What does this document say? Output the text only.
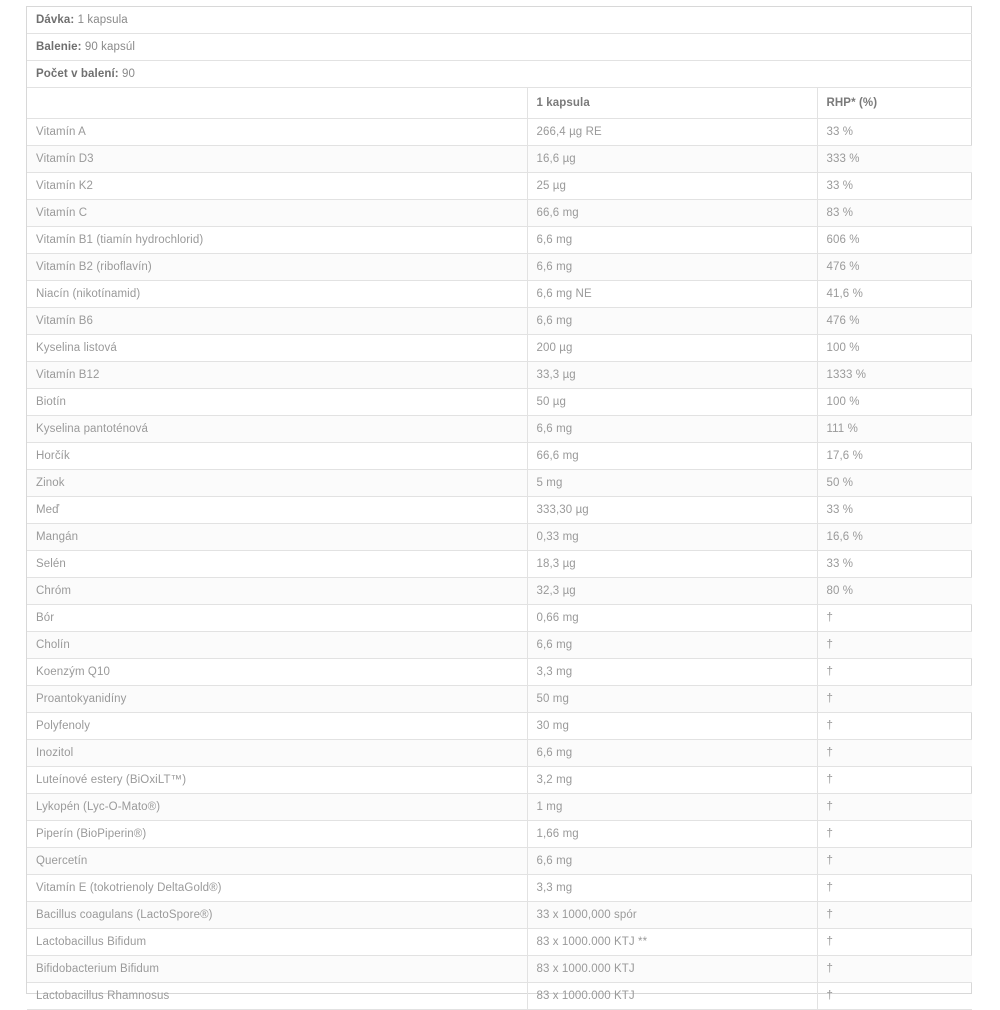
Dávka: 1 kapsula		
Balenie: 90 kapsúl		
Počet v balení: 90		
	1 kapsula	RHP* (%)
Vitamín A	266,4 µg RE	33 %
Vitamín D3	16,6 µg	333 %
Vitamín K2	25 µg	33 %
Vitamín C	66,6 mg	83 %
Vitamín B1 (tiamín hydrochlorid)	6,6 mg	606 %
Vitamín B2 (riboflavín)	6,6 mg	476 %
Niacín (nikotínamid)	6,6 mg NE	41,6 %
Vitamín B6	6,6 mg	476 %
Kyselina listová	200 µg	100 %
Vitamín B12	33,3 µg	1333 %
Biotín	50 µg	100 %
Kyselina pantoténová	6,6 mg	111 %
Horčík	66,6 mg	17,6 %
Zinok	5 mg	50 %
Meď	333,30 µg	33 %
Mangán	0,33 mg	16,6 %
Selén	18,3 µg	33 %
Chróm	32,3 µg	80 %
Bór	0,66 mg	†
Cholín	6,6 mg	†
Koenzým Q10	3,3 mg	†
Proantokyanidíny	50 mg	†
Polyfenoly	30 mg	†
Inozitol	6,6 mg	†
Luteínové estery (BiOxiLT™)	3,2 mg	†
Lykopén (Lyc-O-Mato®)	1 mg	†
Piperín (BioPiperin®)	1,66 mg	†
Quercetín	6,6 mg	†
Vitamín E (tokotrienoly DeltaGold®)	3,3 mg	†
Bacillus coagulans (LactoSpore®)	33 x 1000,000 spór	†
Lactobacillus Bifidum	83 x 1000.000 KTJ **	†
Bifidobacterium Bifidum	83 x 1000.000 KTJ	†
Lactobacillus Rhamnosus	83 x 1000.000 KTJ	†
